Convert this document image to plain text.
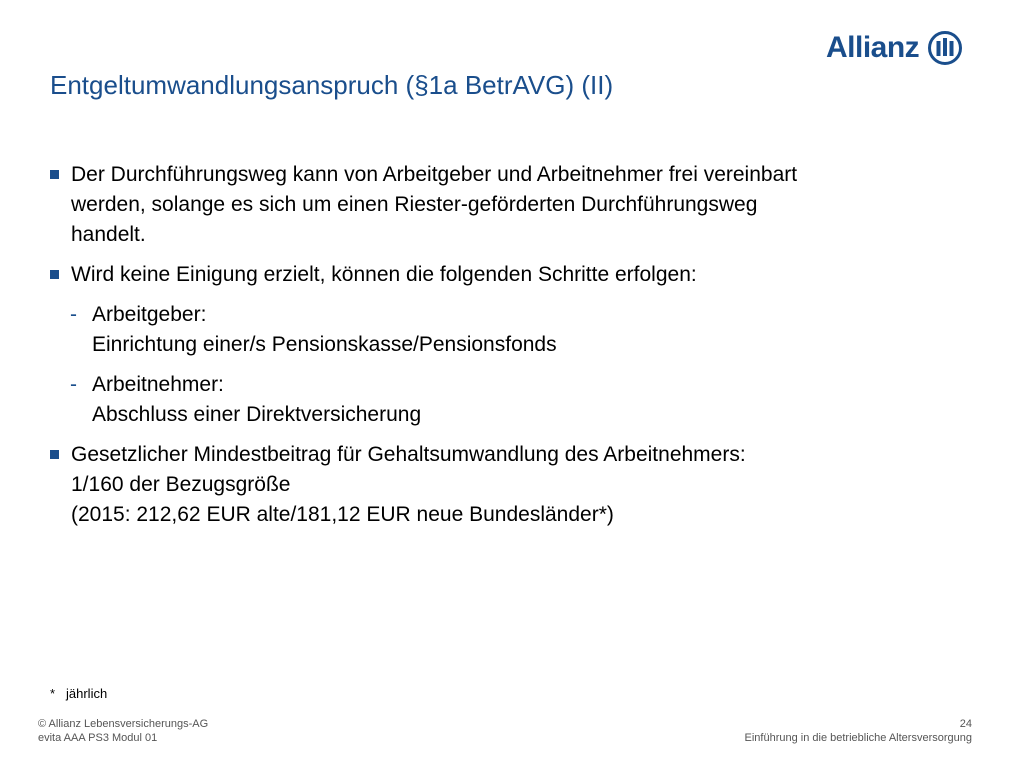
Allianz
Entgeltumwandlungsanspruch (§1a BetrAVG) (II)

Der Durchführungsweg kann von Arbeitgeber und Arbeitnehmer frei vereinbart

werden, solange es sich um einen Riester-geförderten Durchführungsweg

handelt.

Wird keine Einigung erzielt, können die folgenden Schritte erfolgen:

- Arbeitgeber:

Einrichtung einer/s Pensionskasse/Pensionsfonds

- Arbeitnehmer:

Abschluss einer Direktversicherung

Gesetzlicher Mindestbeitrag für Gehaltsumwandlung des Arbeitnehmers:

1/160 der Bezugsgröße

(2015: 212,62 EUR alte/181,12 EUR neue Bundesländer*)

* jährlich
© Allianz Lebensversicherungs-AG
evita AAA PS3 Modul 01
24
Einführung in die betriebliche Altersversorgung
